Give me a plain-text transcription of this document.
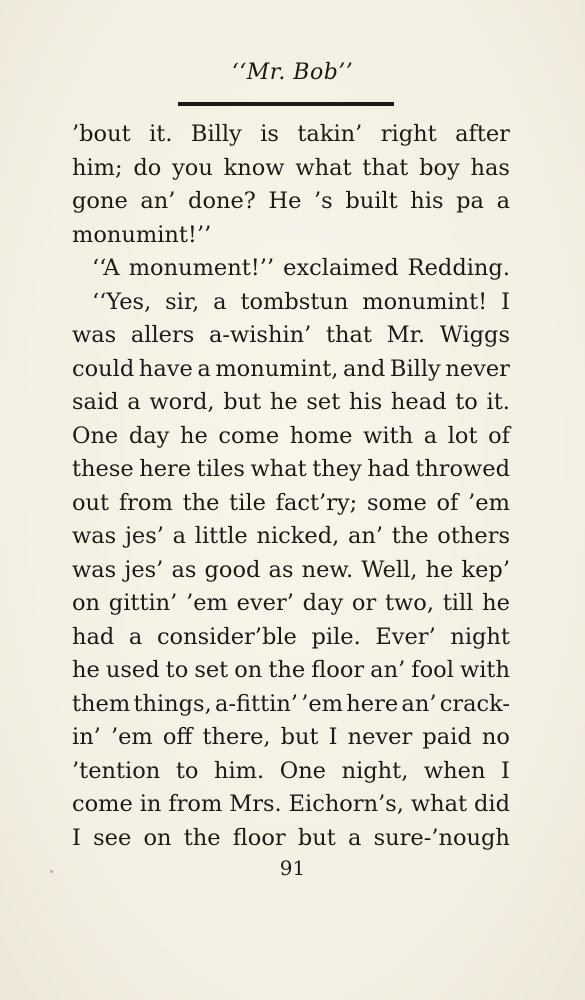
‘‘Mr. Bob’’
’bout it. Billy is takin’ right after
him; do you know what that boy has
gone an’ done? He ’s built his pa a
monumint!’’
‘‘A monument!’’ exclaimed Redding.
‘‘Yes, sir, a tombstun monumint! I
was allers a-wishin’ that Mr. Wiggs
could have a monumint, and Billy never
said a word, but he set his head to it.
One day he come home with a lot of
these here tiles what they had throwed
out from the tile fact’ry; some of ’em
was jes’ a little nicked, an’ the others
was jes’ as good as new. Well, he kep’
on gittin’ ’em ever’ day or two, till he
had a consider’ble pile. Ever’ night
he used to set on the floor an’ fool with
them things, a-fittin’ ’em here an’ crack-
in’ ’em off there, but I never paid no
’tention to him. One night, when I
come in from Mrs. Eichorn’s, what did
I see on the floor but a sure-’nough
91
